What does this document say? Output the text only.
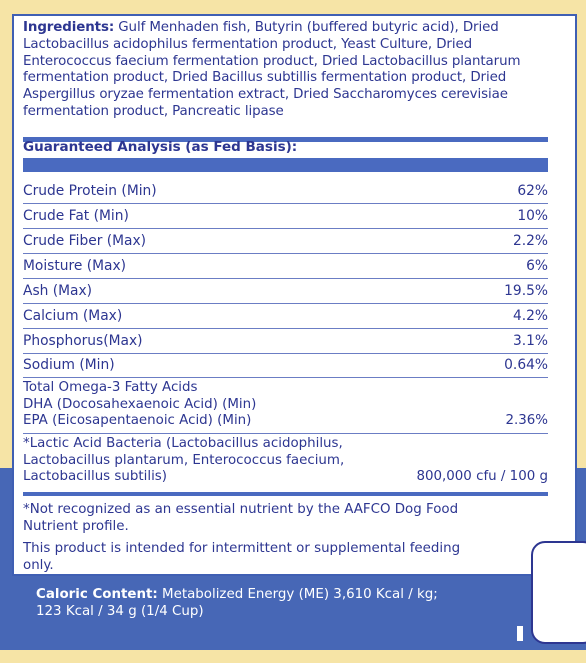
Ingredients: Gulf Menhaden fish, Butyrin (buffered butyric acid), Dried Lactobacillus acidophilus fermentation product, Yeast Culture, Dried Enterococcus faecium fermentation product, Dried Lactobacillus plantarum fermentation product, Dried Bacillus subtillis fermentation product, Dried Aspergillus oryzae fermentation extract, Dried Saccharomyces cerevisiae fermentation product, Pancreatic lipase
Guaranteed Analysis (as Fed Basis):
Crude Protein (Min)	62%
Crude Fat (Min)	10%
Crude Fiber (Max)	2.2%
Moisture (Max)	6%
Ash (Max)	19.5%
Calcium (Max)	4.2%
Phosphorus(Max)	3.1%
Sodium (Min)	0.64%
Total Omega-3 Fatty Acids
DHA (Docosahexaenoic Acid) (Min)
EPA (Eicosapentaenoic Acid) (Min)	2.36%
*Lactic Acid Bacteria (Lactobacillus acidophilus,
Lactobacillus plantarum, Enterococcus faecium,
Lactobacillus subtilis)	800,000 cfu / 100 g
*Not recognized as an essential nutrient by the AAFCO Dog Food Nutrient profile.
This product is intended for intermittent or supplemental feeding only.
Caloric Content: Metabolized Energy (ME) 3,610 Kcal / kg;
123 Kcal / 34 g (1/4 Cup)
